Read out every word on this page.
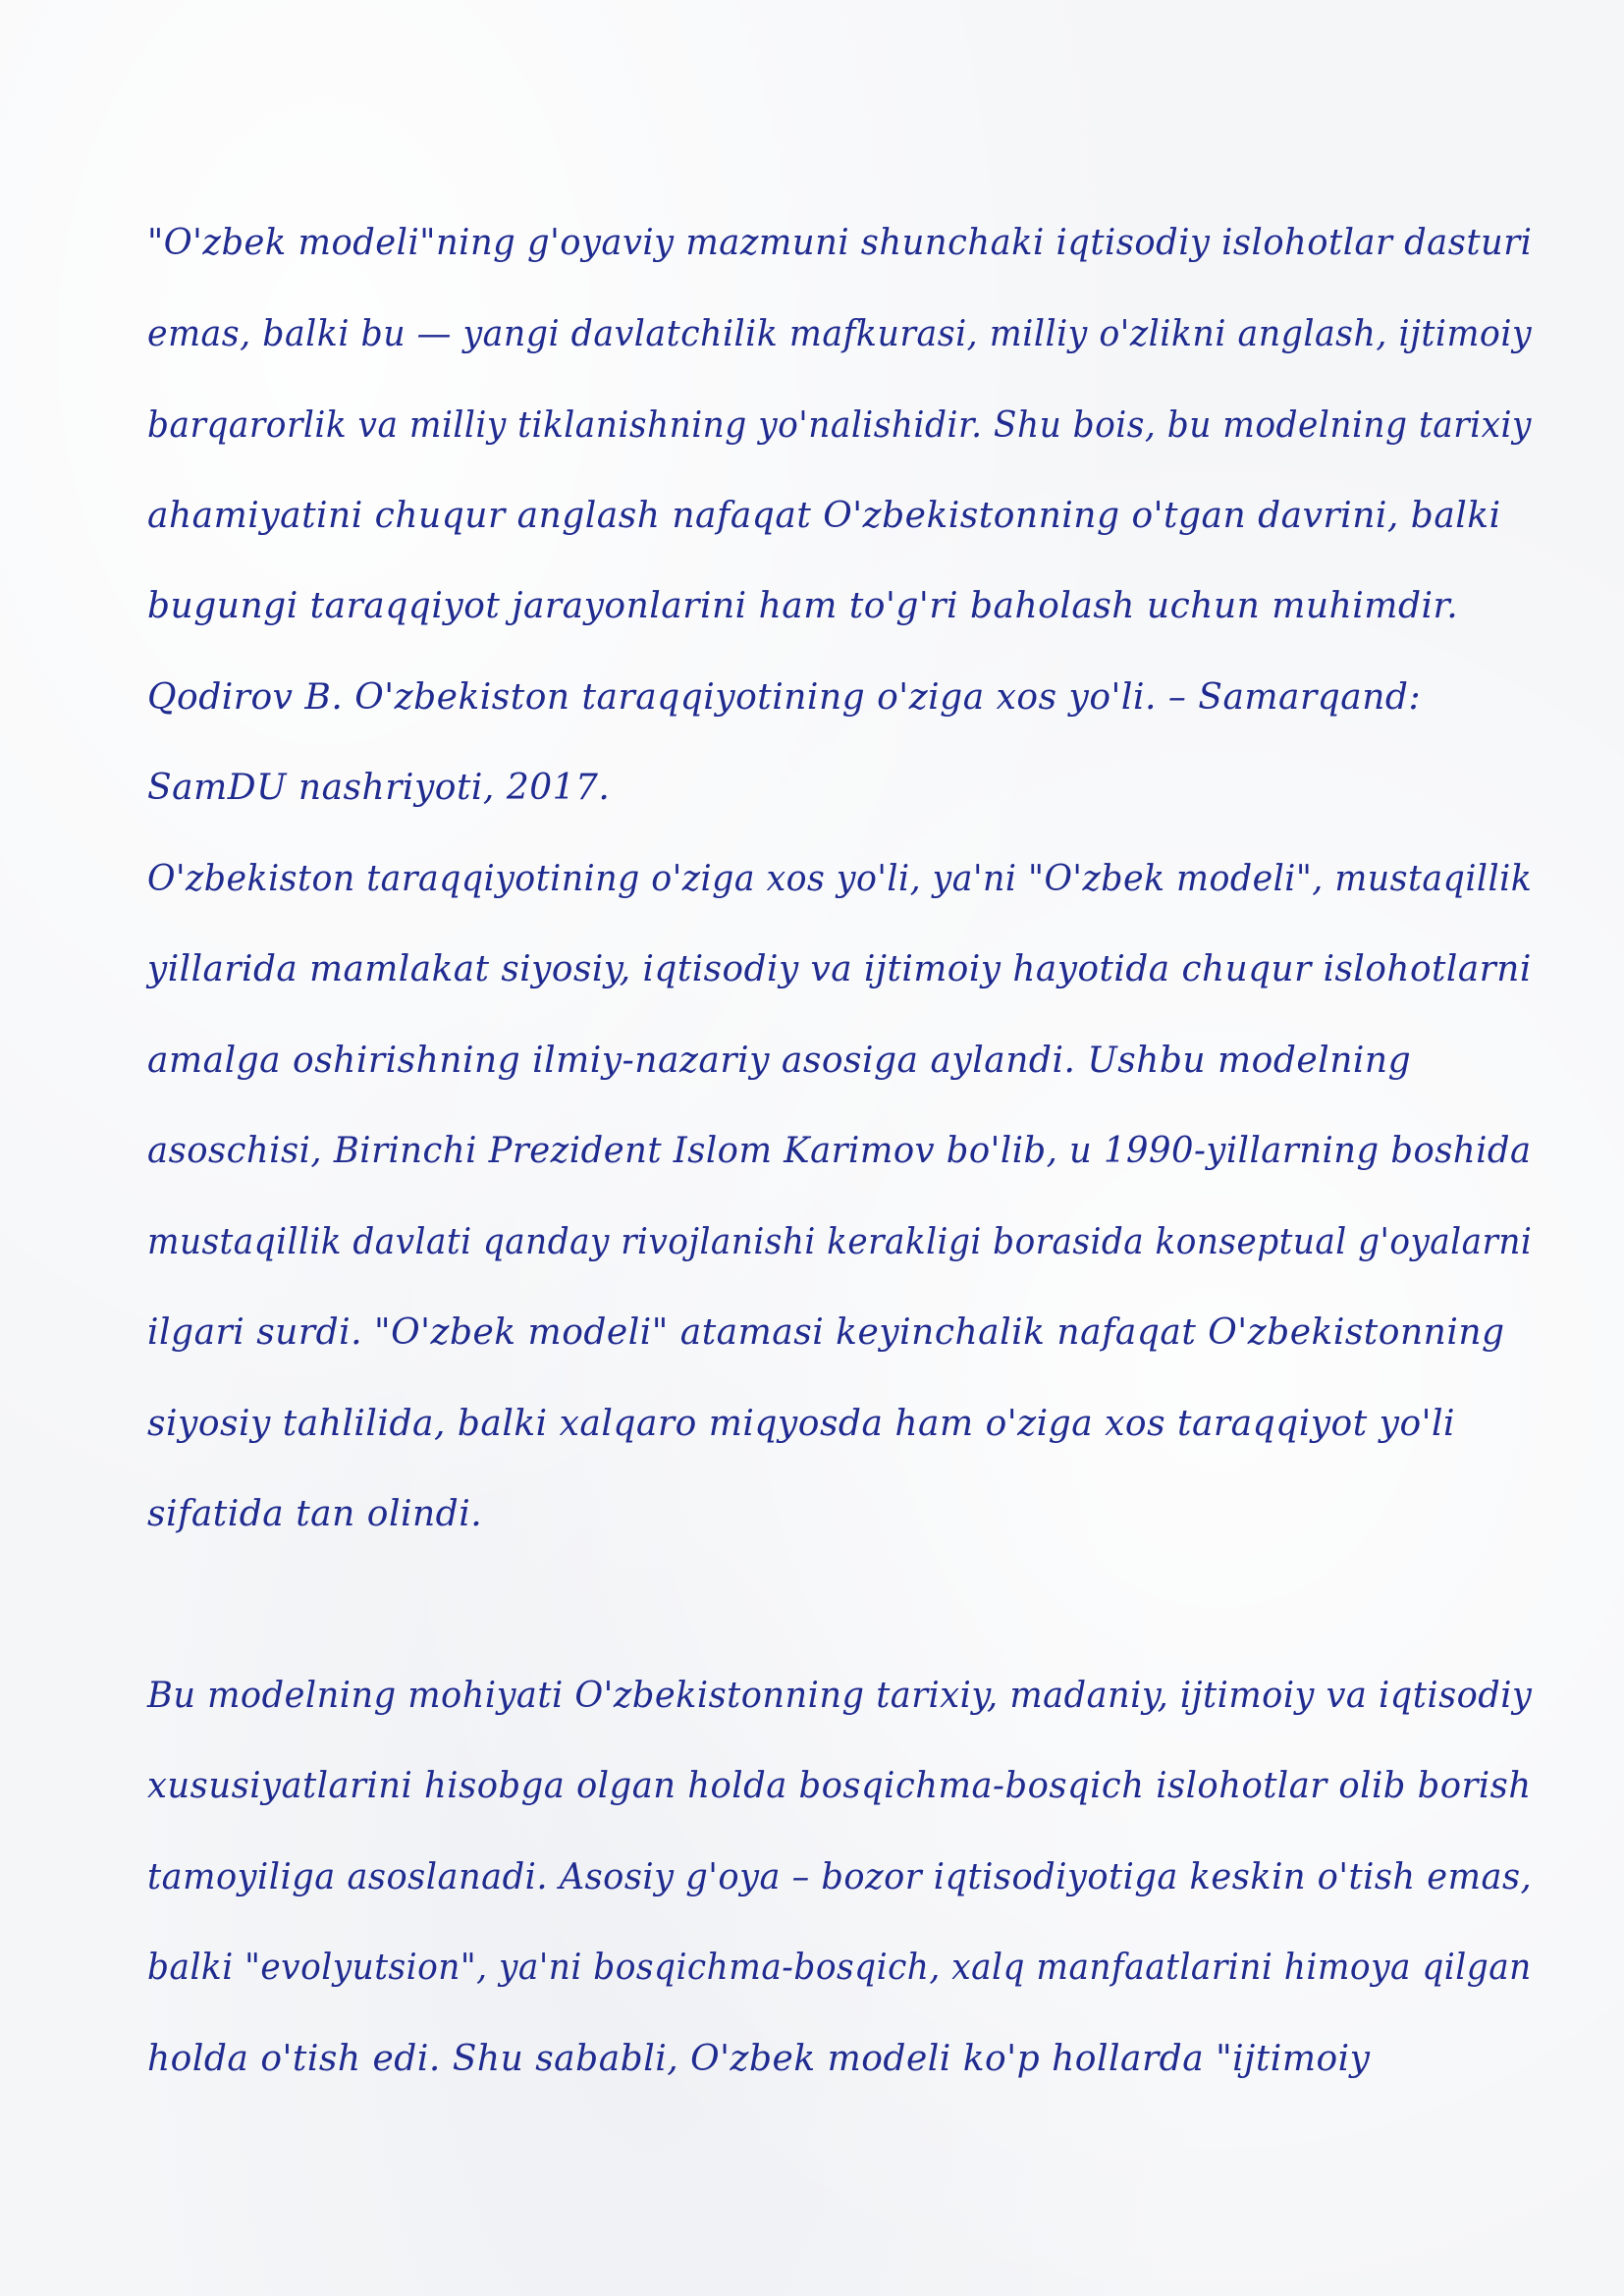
"O'zbek modeli"ning g'oyaviy mazmuni shunchaki iqtisodiy islohotlar dasturi
emas, balki bu — yangi davlatchilik mafkurasi, milliy o'zlikni anglash, ijtimoiy
barqarorlik va milliy tiklanishning yo'nalishidir. Shu bois, bu modelning tarixiy
ahamiyatini chuqur anglash nafaqat O'zbekistonning o'tgan davrini, balki
bugungi taraqqiyot jarayonlarini ham to'g'ri baholash uchun muhimdir.
Qodirov B. O'zbekiston taraqqiyotining o'ziga xos yo'li. – Samarqand:
SamDU nashriyoti, 2017.
O'zbekiston taraqqiyotining o'ziga xos yo'li, ya'ni "O'zbek modeli", mustaqillik
yillarida mamlakat siyosiy, iqtisodiy va ijtimoiy hayotida chuqur islohotlarni
amalga oshirishning ilmiy-nazariy asosiga aylandi. Ushbu modelning
asoschisi, Birinchi Prezident Islom Karimov bo'lib, u 1990-yillarning boshida
mustaqillik davlati qanday rivojlanishi kerakligi borasida konseptual g'oyalarni
ilgari surdi. "O'zbek modeli" atamasi keyinchalik nafaqat O'zbekistonning
siyosiy tahlilida, balki xalqaro miqyosda ham o'ziga xos taraqqiyot yo'li
sifatida tan olindi.
Bu modelning mohiyati O'zbekistonning tarixiy, madaniy, ijtimoiy va iqtisodiy
xususiyatlarini hisobga olgan holda bosqichma-bosqich islohotlar olib borish
tamoyiliga asoslanadi. Asosiy g'oya – bozor iqtisodiyotiga keskin o'tish emas,
balki "evolyutsion", ya'ni bosqichma-bosqich, xalq manfaatlarini himoya qilgan
holda o'tish edi. Shu sababli, O'zbek modeli ko'p hollarda "ijtimoiy
